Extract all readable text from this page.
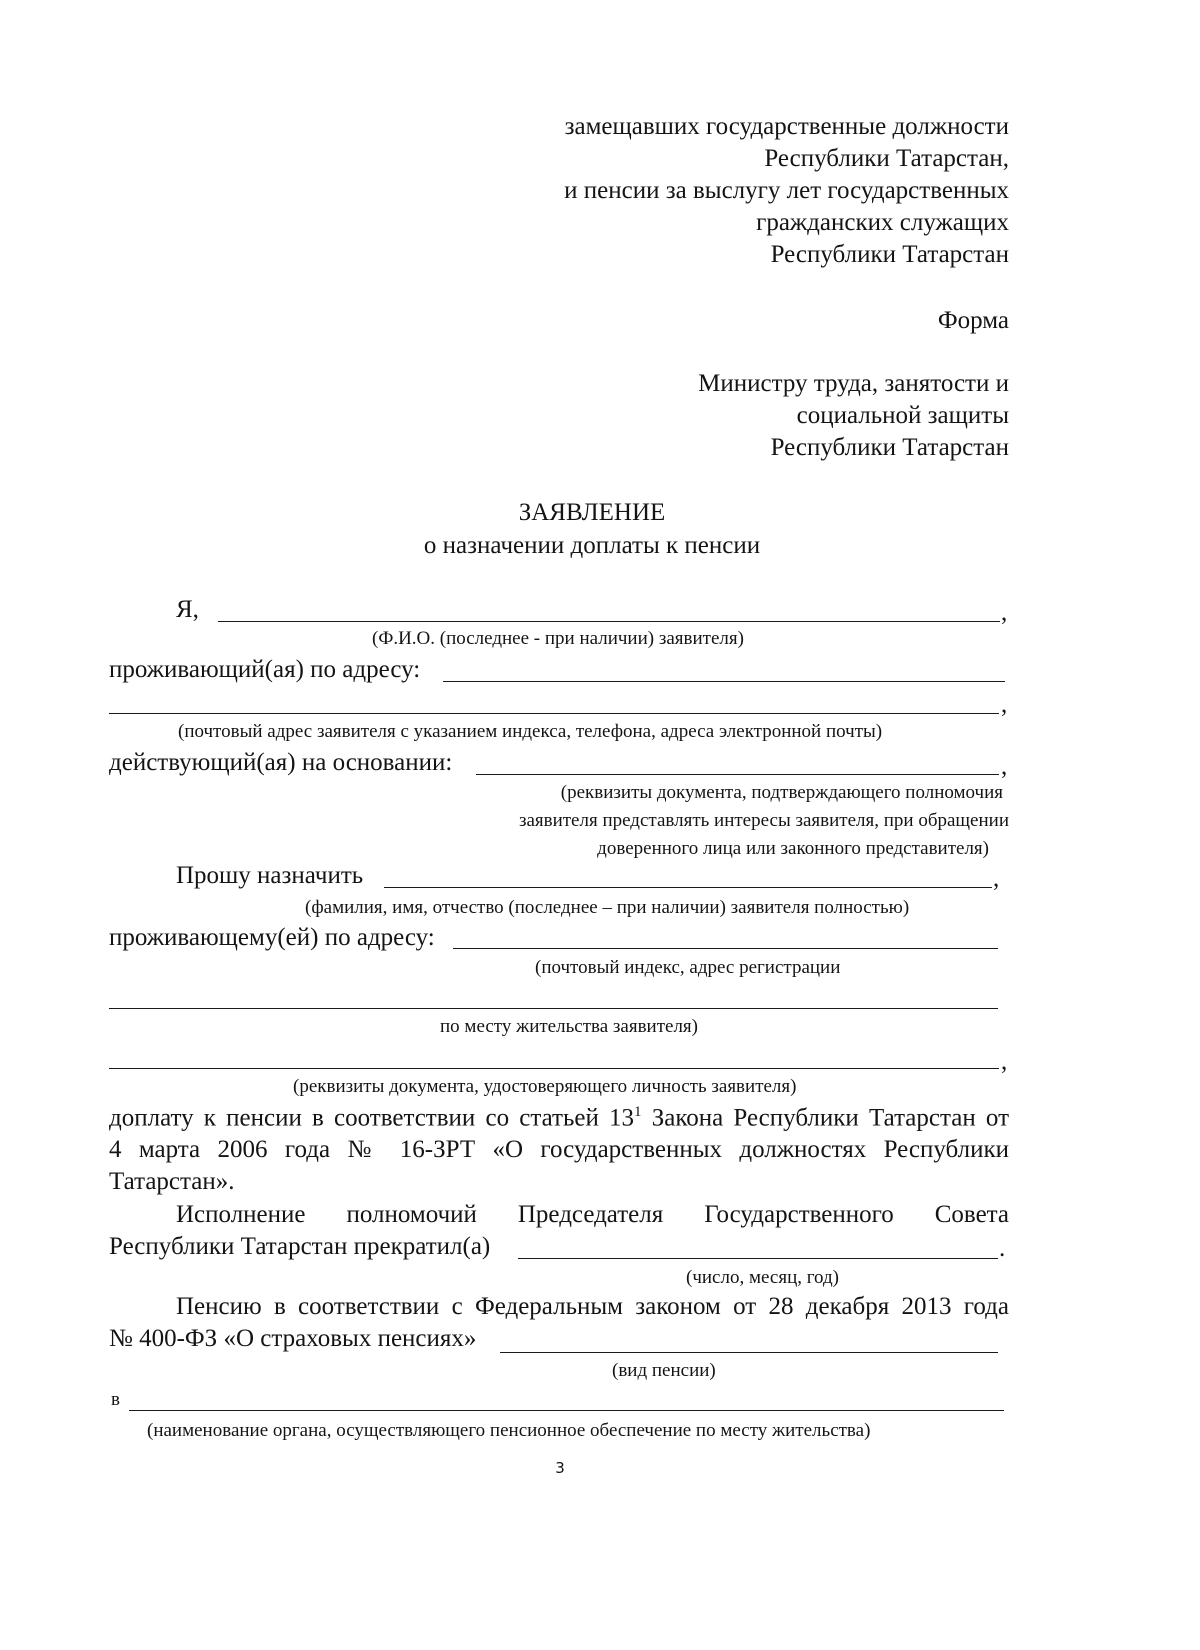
замещавших государственные должности
Республики Татарстан,
и пенсии за выслугу лет государственных
гражданских служащих
Республики Татарстан
Форма
Министру труда, занятости и
социальной защиты
Республики Татарстан
ЗАЯВЛЕНИЕ
о назначении доплаты к пенсии
Я,	,
(Ф.И.О. (последнее - при наличии) заявителя)
проживающий(ая) по адресу:
,
(почтовый адрес заявителя с указанием индекса, телефона, адреса электронной почты)
действующий(ая) на основании:	,
(реквизиты документа, подтверждающего полномочия
заявителя представлять интересы заявителя, при обращении
доверенного лица или законного представителя)
Прошу назначить	,
(фамилия, имя, отчество (последнее – при наличии) заявителя полностью)
проживающему(ей) по адресу:
(почтовый индекс, адрес регистрации
по месту жительства заявителя)
,
(реквизиты документа, удостоверяющего личность заявителя)
доплату к пенсии в соответствии со статьей $13^1$ Закона Республики Татарстан от
4 марта 2006 года № 16-ЗРТ «О государственных должностях Республики
Татарстан».
Исполнение полномочий Председателя Государственного Совета
Республики Татарстан прекратил(а)	.
(число, месяц, год)
Пенсию в соответствии с Федеральным законом от 28 декабря 2013 года
№ 400-ФЗ «О страховых пенсиях»
(вид пенсии)
в
(наименование органа, осуществляющего пенсионное обеспечение по месту жительства)
3
